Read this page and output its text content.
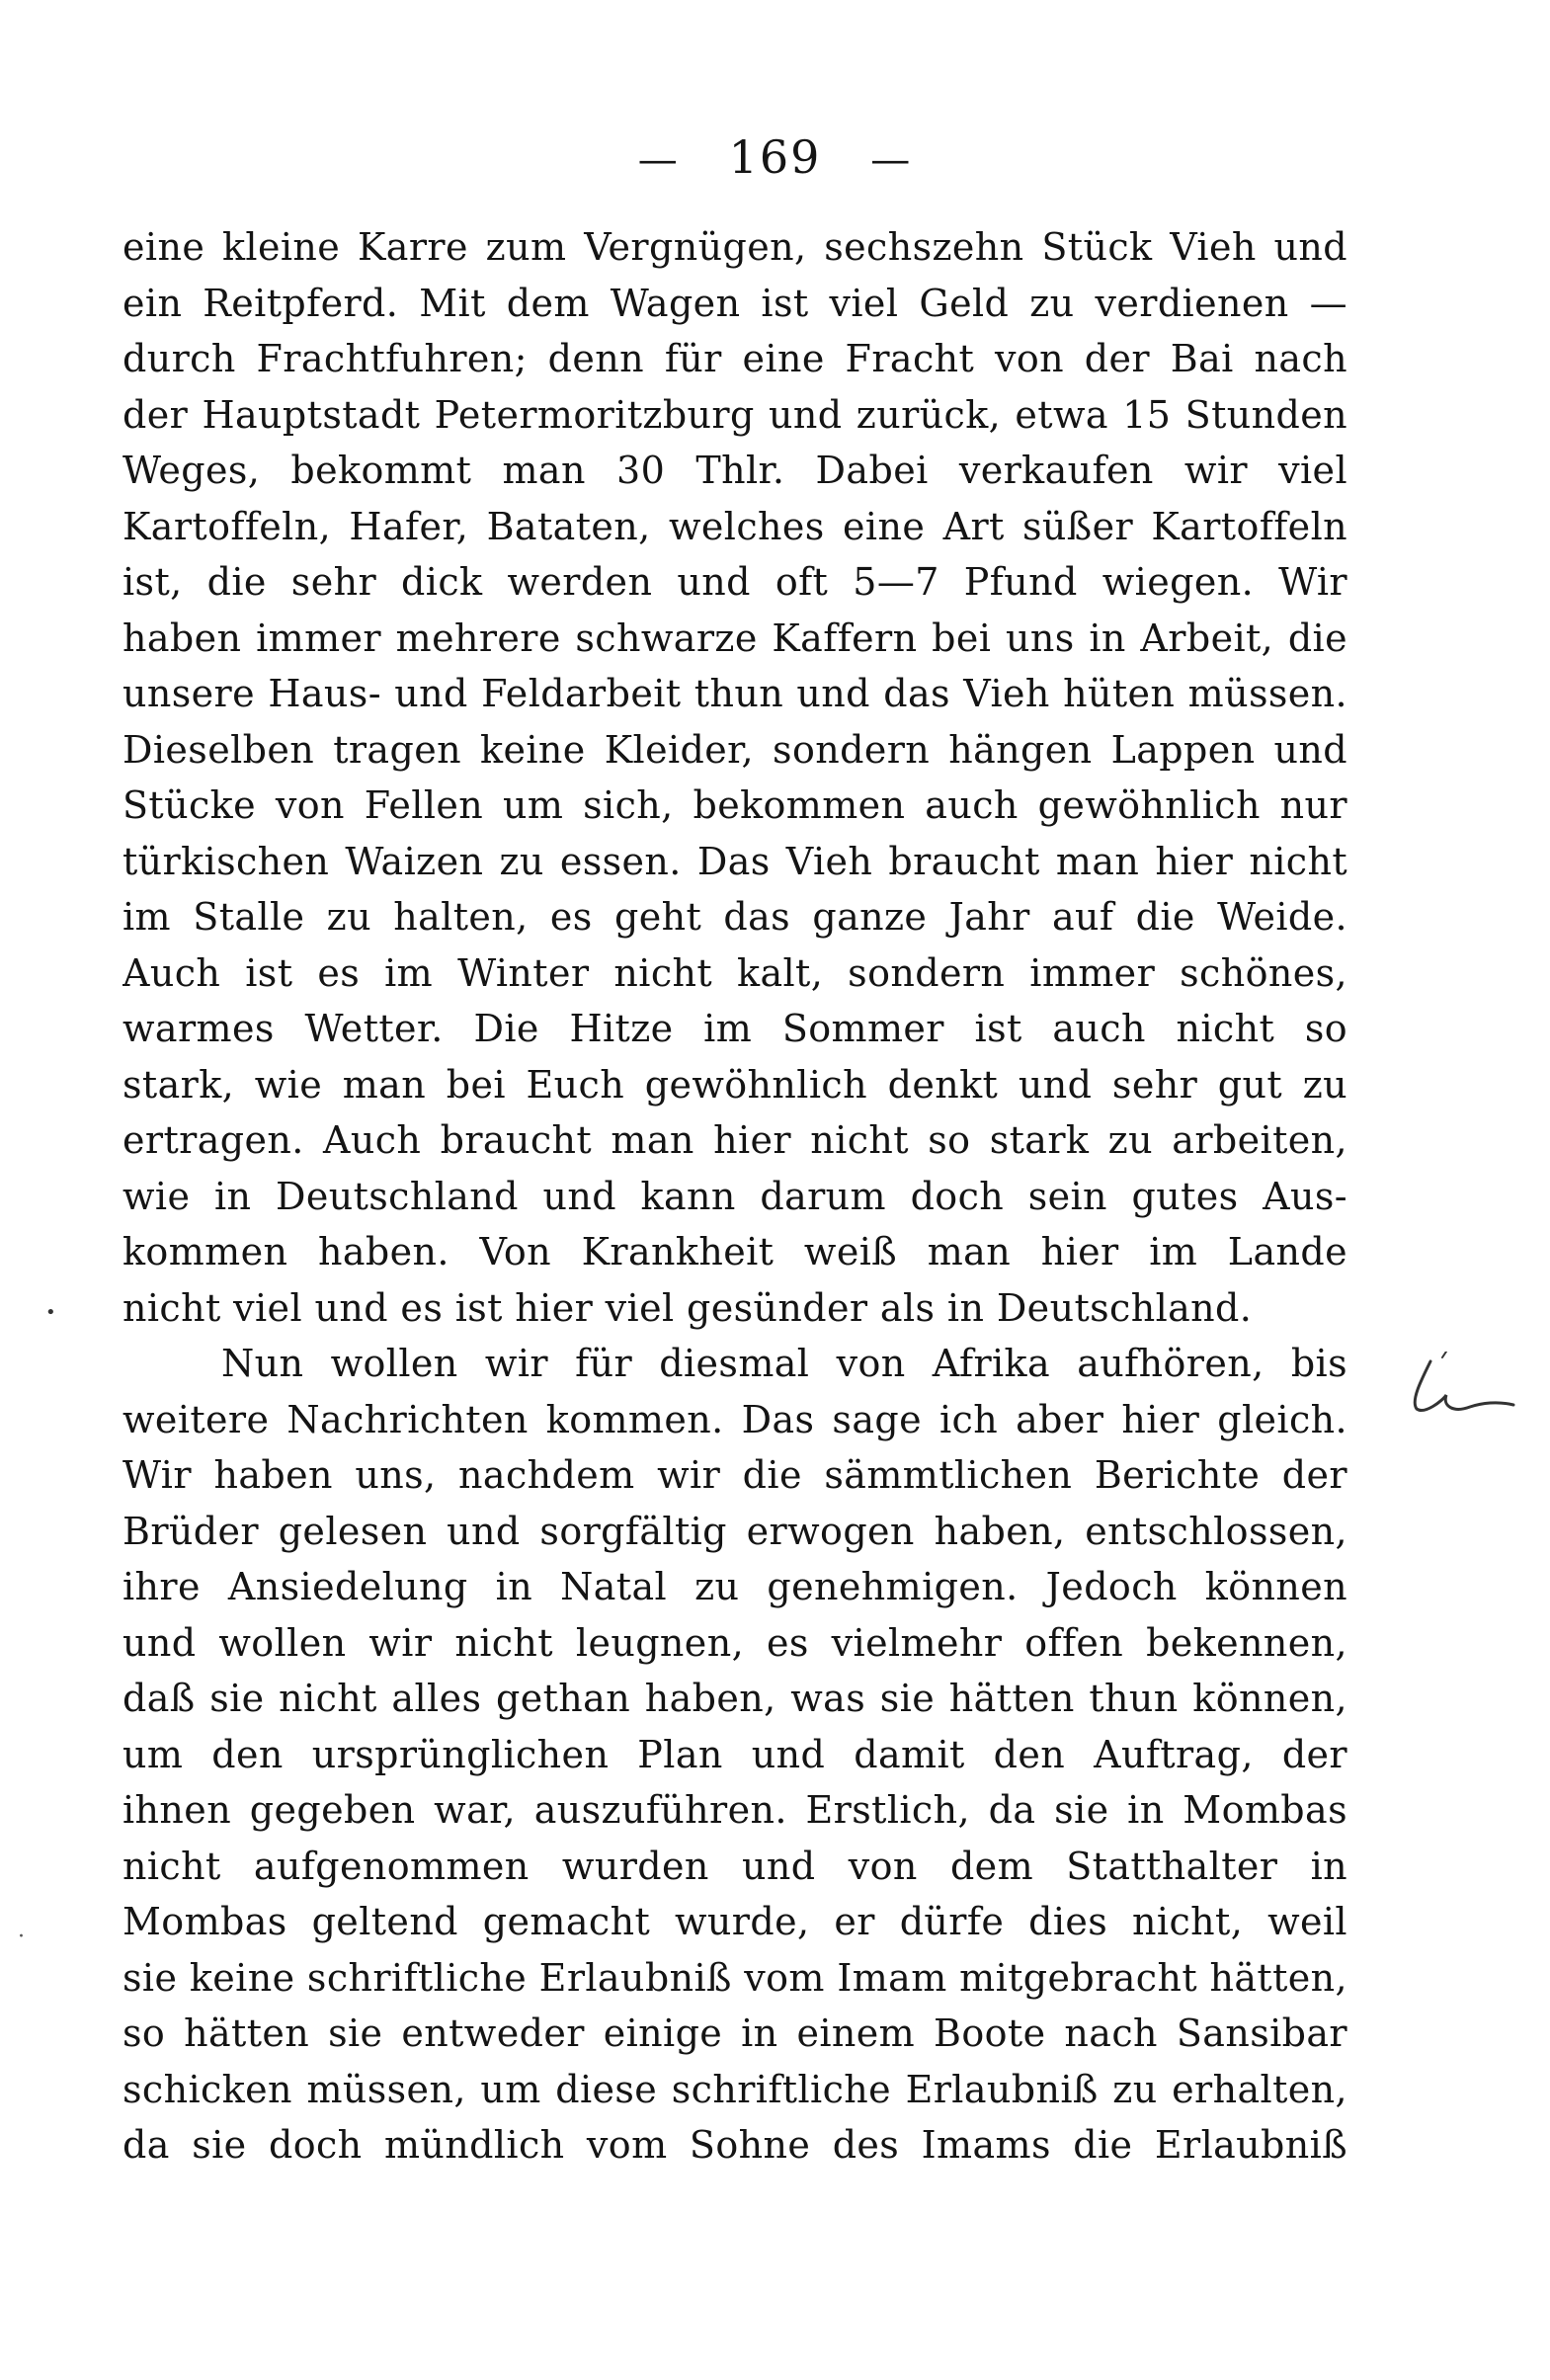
— 169 —
eine kleine Karre zum Vergnügen, sechszehn Stück Vieh und
ein Reitpferd. Mit dem Wagen ist viel Geld zu verdienen —
durch Frachtfuhren; denn für eine Fracht von der Bai nach
der Hauptstadt Petermoritzburg und zurück, etwa 15 Stunden
Weges, bekommt man 30 Thlr. Dabei verkaufen wir viel
Kartoffeln, Hafer, Bataten, welches eine Art süßer Kartoffeln
ist, die sehr dick werden und oft 5—7 Pfund wiegen. Wir
haben immer mehrere schwarze Kaffern bei uns in Arbeit, die
unsere Haus- und Feldarbeit thun und das Vieh hüten müssen.
Dieselben tragen keine Kleider, sondern hängen Lappen und
Stücke von Fellen um sich, bekommen auch gewöhnlich nur
türkischen Waizen zu essen. Das Vieh braucht man hier nicht
im Stalle zu halten, es geht das ganze Jahr auf die Weide.
Auch ist es im Winter nicht kalt, sondern immer schönes,
warmes Wetter. Die Hitze im Sommer ist auch nicht so
stark, wie man bei Euch gewöhnlich denkt und sehr gut zu
ertragen. Auch braucht man hier nicht so stark zu arbeiten,
wie in Deutschland und kann darum doch sein gutes Aus-
kommen haben. Von Krankheit weiß man hier im Lande
nicht viel und es ist hier viel gesünder als in Deutschland.
Nun wollen wir für diesmal von Afrika aufhören, bis
weitere Nachrichten kommen. Das sage ich aber hier gleich.
Wir haben uns, nachdem wir die sämmtlichen Berichte der
Brüder gelesen und sorgfältig erwogen haben, entschlossen,
ihre Ansiedelung in Natal zu genehmigen. Jedoch können
und wollen wir nicht leugnen, es vielmehr offen bekennen,
daß sie nicht alles gethan haben, was sie hätten thun können,
um den ursprünglichen Plan und damit den Auftrag, der
ihnen gegeben war, auszuführen. Erstlich, da sie in Mombas
nicht aufgenommen wurden und von dem Statthalter in
Mombas geltend gemacht wurde, er dürfe dies nicht, weil
sie keine schriftliche Erlaubniß vom Imam mitgebracht hätten,
so hätten sie entweder einige in einem Boote nach Sansibar
schicken müssen, um diese schriftliche Erlaubniß zu erhalten,
da sie doch mündlich vom Sohne des Imams die Erlaubniß
•
·
